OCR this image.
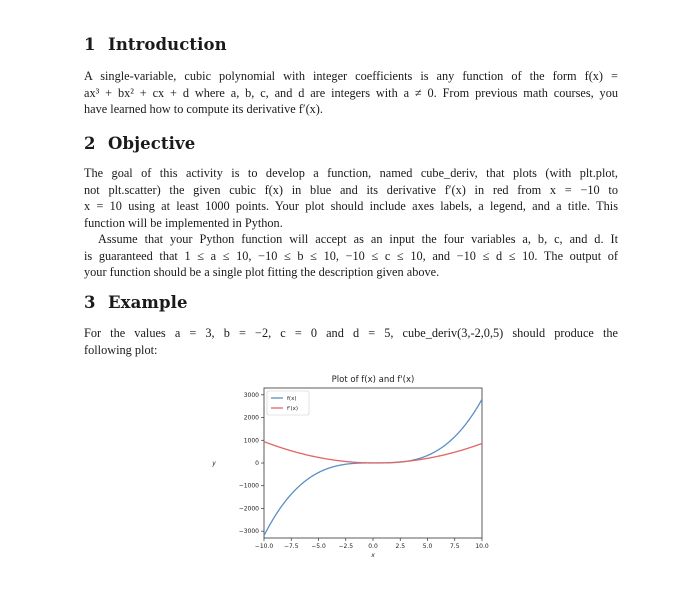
1 Introduction
A single-variable, cubic polynomial with integer coefficients is any function of the form f(x) =
ax³ + bx² + cx + d where a, b, c, and d are integers with a ≠ 0. From previous math courses, you
have learned how to compute its derivative f′(x).
2 Objective
The goal of this activity is to develop a function, named cube_deriv, that plots (with plt.plot,
not plt.scatter) the given cubic f(x) in blue and its derivative f′(x) in red from x = −10 to
x = 10 using at least 1000 points. Your plot should include axes labels, a legend, and a title. This
function will be implemented in Python.
Assume that your Python function will accept as an input the four variables a, b, c, and d. It
is guaranteed that 1 ≤ a ≤ 10, −10 ≤ b ≤ 10, −10 ≤ c ≤ 10, and −10 ≤ d ≤ 10. The output of
your function should be a single plot fitting the description given above.
3 Example
For the values a = 3, b = −2, c = 0 and d = 5, cube_deriv(3,-2,0,5) should produce the
following plot:
Plot of f(x) and f'(x)
−10.0 −7.5 −5.0 −2.5	0.0	2.5	5.0	7.5	10.0
3000
2000
1000
0
−1000
−2000
−3000
f(x)
f'(x)
x
y
